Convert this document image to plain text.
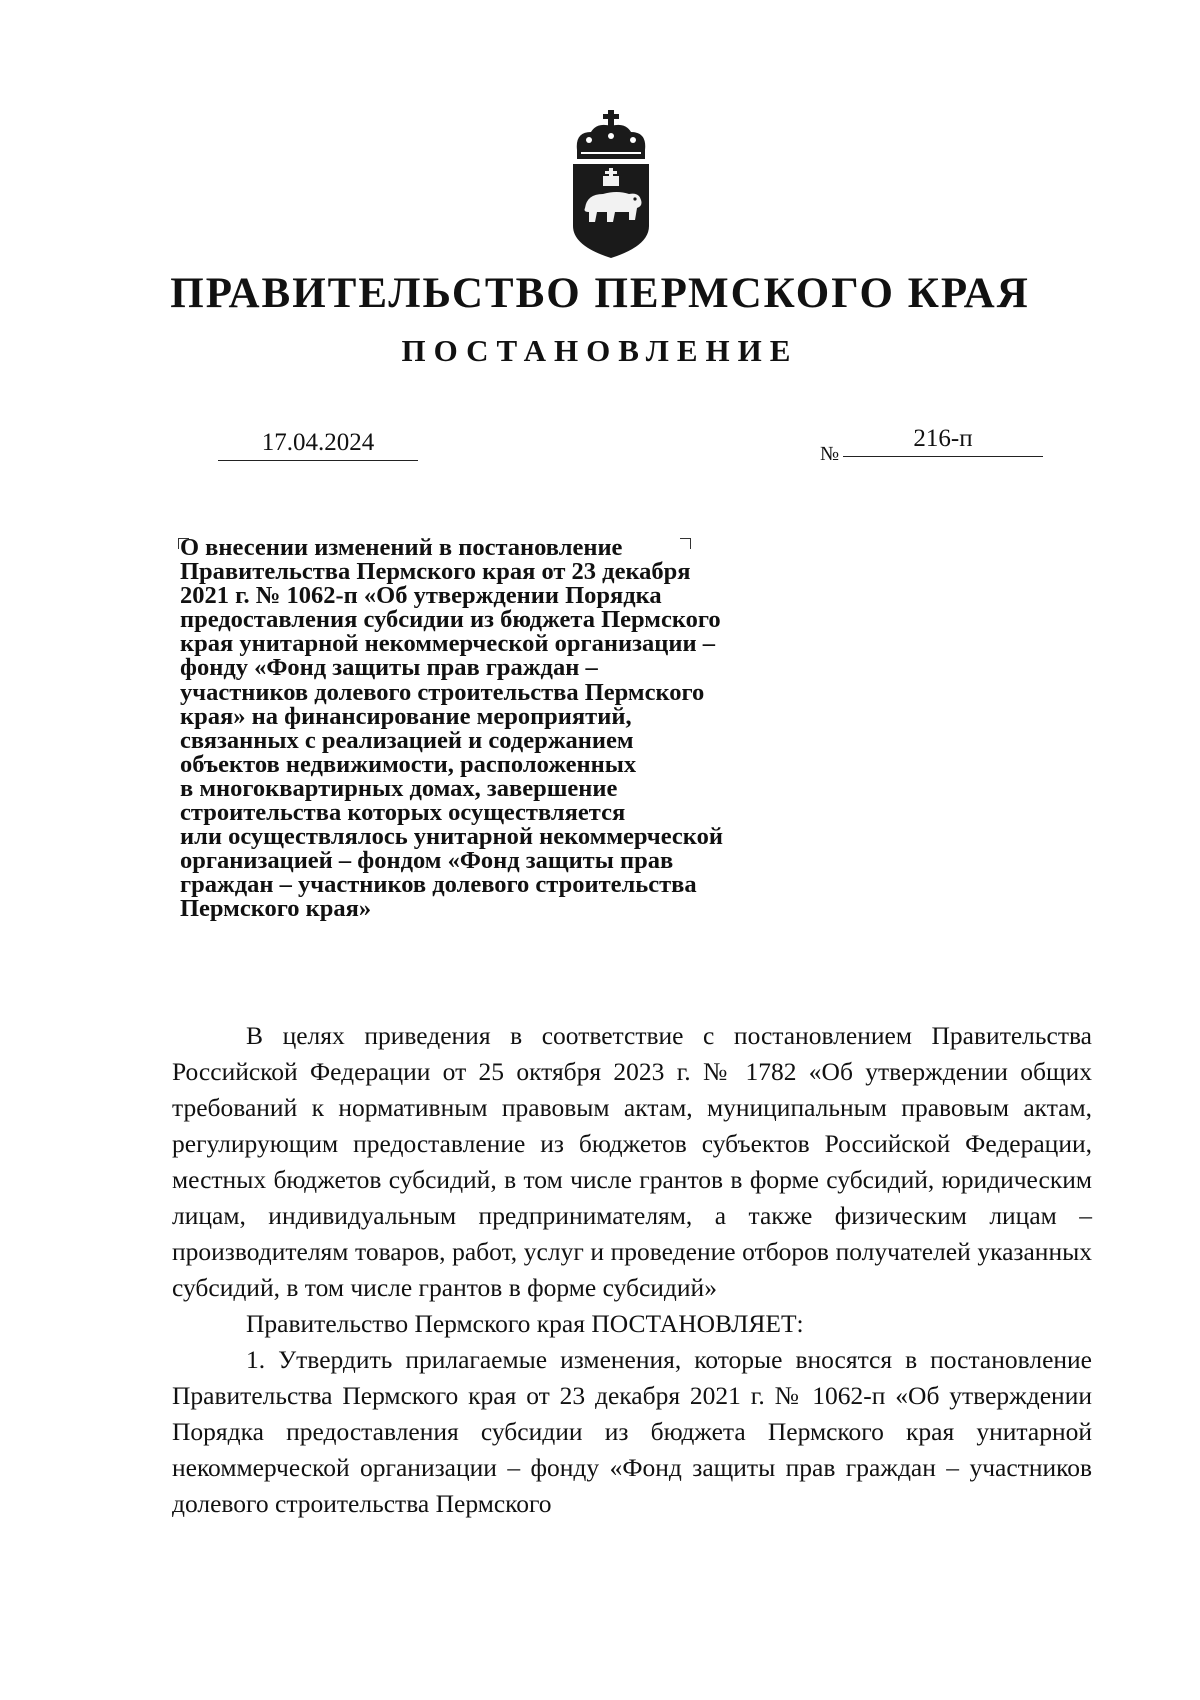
ПРАВИТЕЛЬСТВО ПЕРМСКОГО КРАЯ
ПОСТАНОВЛЕНИЕ
17.04.2024	№
216-п
О внесении изменений в постановление
Правительства Пермского края от 23 декабря
2021 г. № 1062-п «Об утверждении Порядка
предоставления субсидии из бюджета Пермского
края унитарной некоммерческой организации –
фонду «Фонд защиты прав граждан –
участников долевого строительства Пермского
края» на финансирование мероприятий,
связанных с реализацией и содержанием
объектов недвижимости, расположенных
в многоквартирных домах, завершение
строительства которых осуществляется
или осуществлялось унитарной некоммерческой
организацией – фондом «Фонд защиты прав
граждан – участников долевого строительства
Пермского края»

В целях приведения в соответствие с постановлением Правительства Российской Федерации от 25 октября 2023 г. № 1782 «Об утверждении общих требований к нормативным правовым актам, муниципальным правовым актам, регулирующим предоставление из бюджетов субъектов Российской Федерации, местных бюджетов субсидий, в том числе грантов в форме субсидий, юридическим лицам, индивидуальным предпринимателям, а также физическим лицам – производителям товаров, работ, услуг и проведение отборов получателей указанных субсидий, в том числе грантов в форме субсидий»

Правительство Пермского края ПОСТАНОВЛЯЕТ:

1. Утвердить прилагаемые изменения, которые вносятся в постановление Правительства Пермского края от 23 декабря 2021 г. № 1062-п «Об утверждении Порядка предоставления субсидии из бюджета Пермского края унитарной некоммерческой организации – фонду «Фонд защиты прав граждан – участников долевого строительства Пермского
